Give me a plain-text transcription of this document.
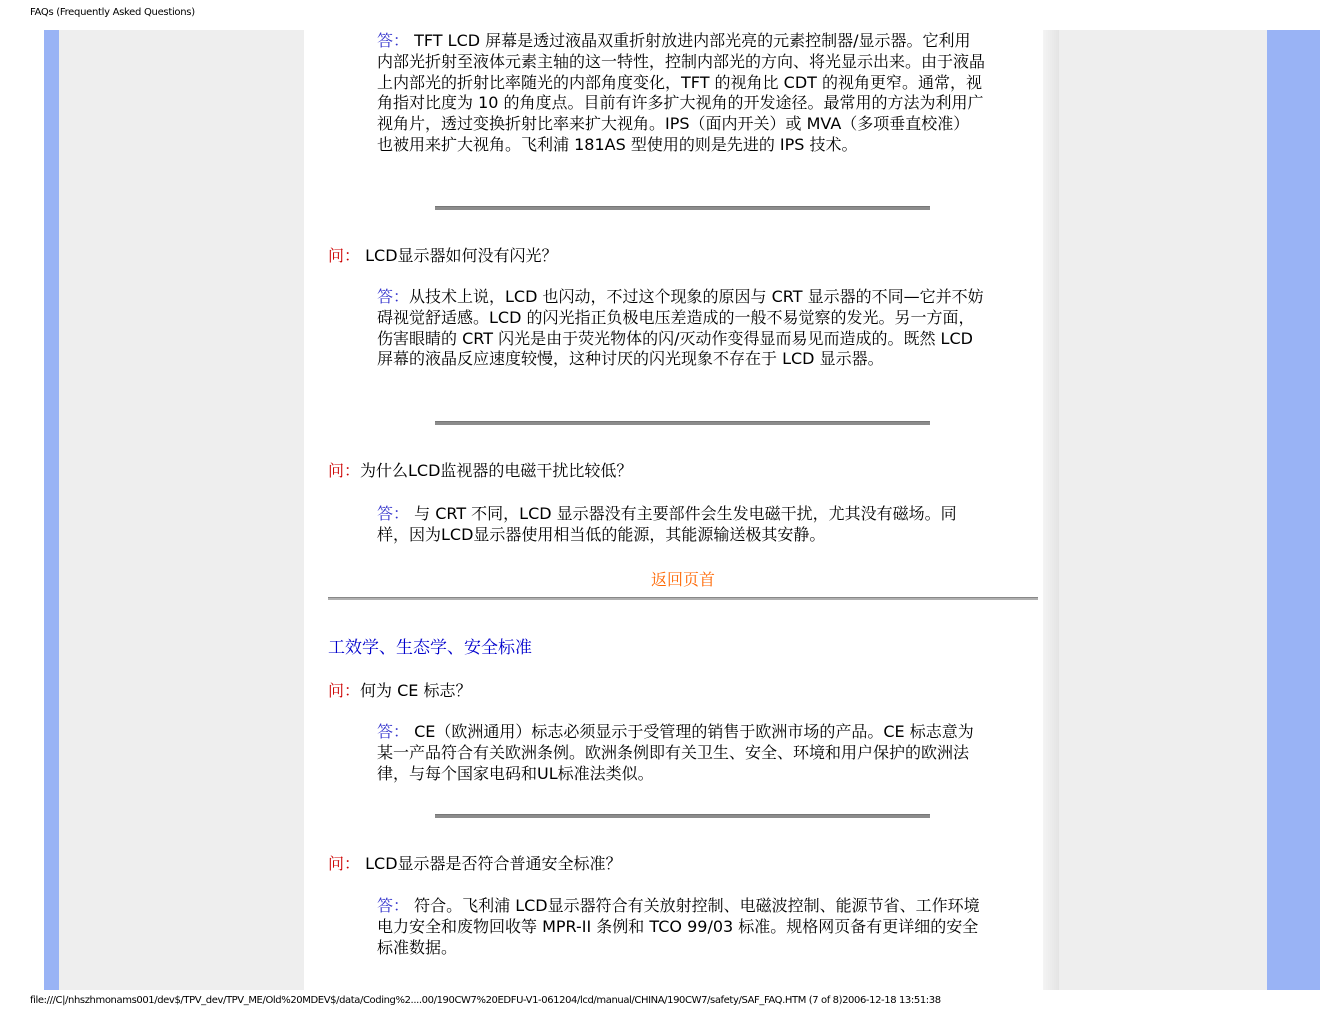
FAQs (Frequently Asked Questions)
答： TFT LCD 屏幕是透过液晶双重折射放进内部光亮的元素控制器/显示器。它利用内部光折射至液体元素主轴的这一特性，控制内部光的方向、将光显示出来。由于液晶上内部光的折射比率随光的内部角度变化，TFT 的视角比 CDT 的视角更窄。通常，视角指对比度为 10 的角度点。目前有许多扩大视角的开发途径。最常用的方法为利用广视角片，透过变换折射比率来扩大视角。IPS（面内开关）或 MVA（多项垂直校准）也被用来扩大视角。飞利浦 181AS 型使用的则是先进的 IPS 技术。
问： LCD显示器如何没有闪光？
答：从技术上说，LCD 也闪动，不过这个现象的原因与 CRT 显示器的不同—它并不妨碍视觉舒适感。LCD 的闪光指正负极电压差造成的一般不易觉察的发光。另一方面，伤害眼睛的 CRT 闪光是由于荧光物体的闪/灭动作变得显而易见而造成的。既然 LCD 屏幕的液晶反应速度较慢，这种讨厌的闪光现象不存在于 LCD 显示器。
问：为什么LCD监视器的电磁干扰比较低？
答： 与 CRT 不同，LCD 显示器没有主要部件会生发电磁干扰，尤其没有磁场。同样，因为LCD显示器使用相当低的能源，其能源输送极其安静。
返回页首
工效学、生态学、安全标准
问：何为 CE 标志？
答： CE（欧洲通用）标志必须显示于受管理的销售于欧洲市场的产品。CE 标志意为某一产品符合有关欧洲条例。欧洲条例即有关卫生、安全、环境和用户保护的欧洲法律，与每个国家电码和UL标准法类似。
问： LCD显示器是否符合普通安全标准？
答： 符合。飞利浦 LCD显示器符合有关放射控制、电磁波控制、能源节省、工作环境电力安全和废物回收等 MPR-II 条例和 TCO 99/03 标准。规格网页备有更详细的安全标准数据。
file:///C|/nhszhmonams001/dev$/TPV_dev/TPV_ME/Old%20MDEV$/data/Coding%2....00/190CW7%20EDFU-V1-061204/lcd/manual/CHINA/190CW7/safety/SAF_FAQ.HTM (7 of 8)2006-12-18 13:51:38
